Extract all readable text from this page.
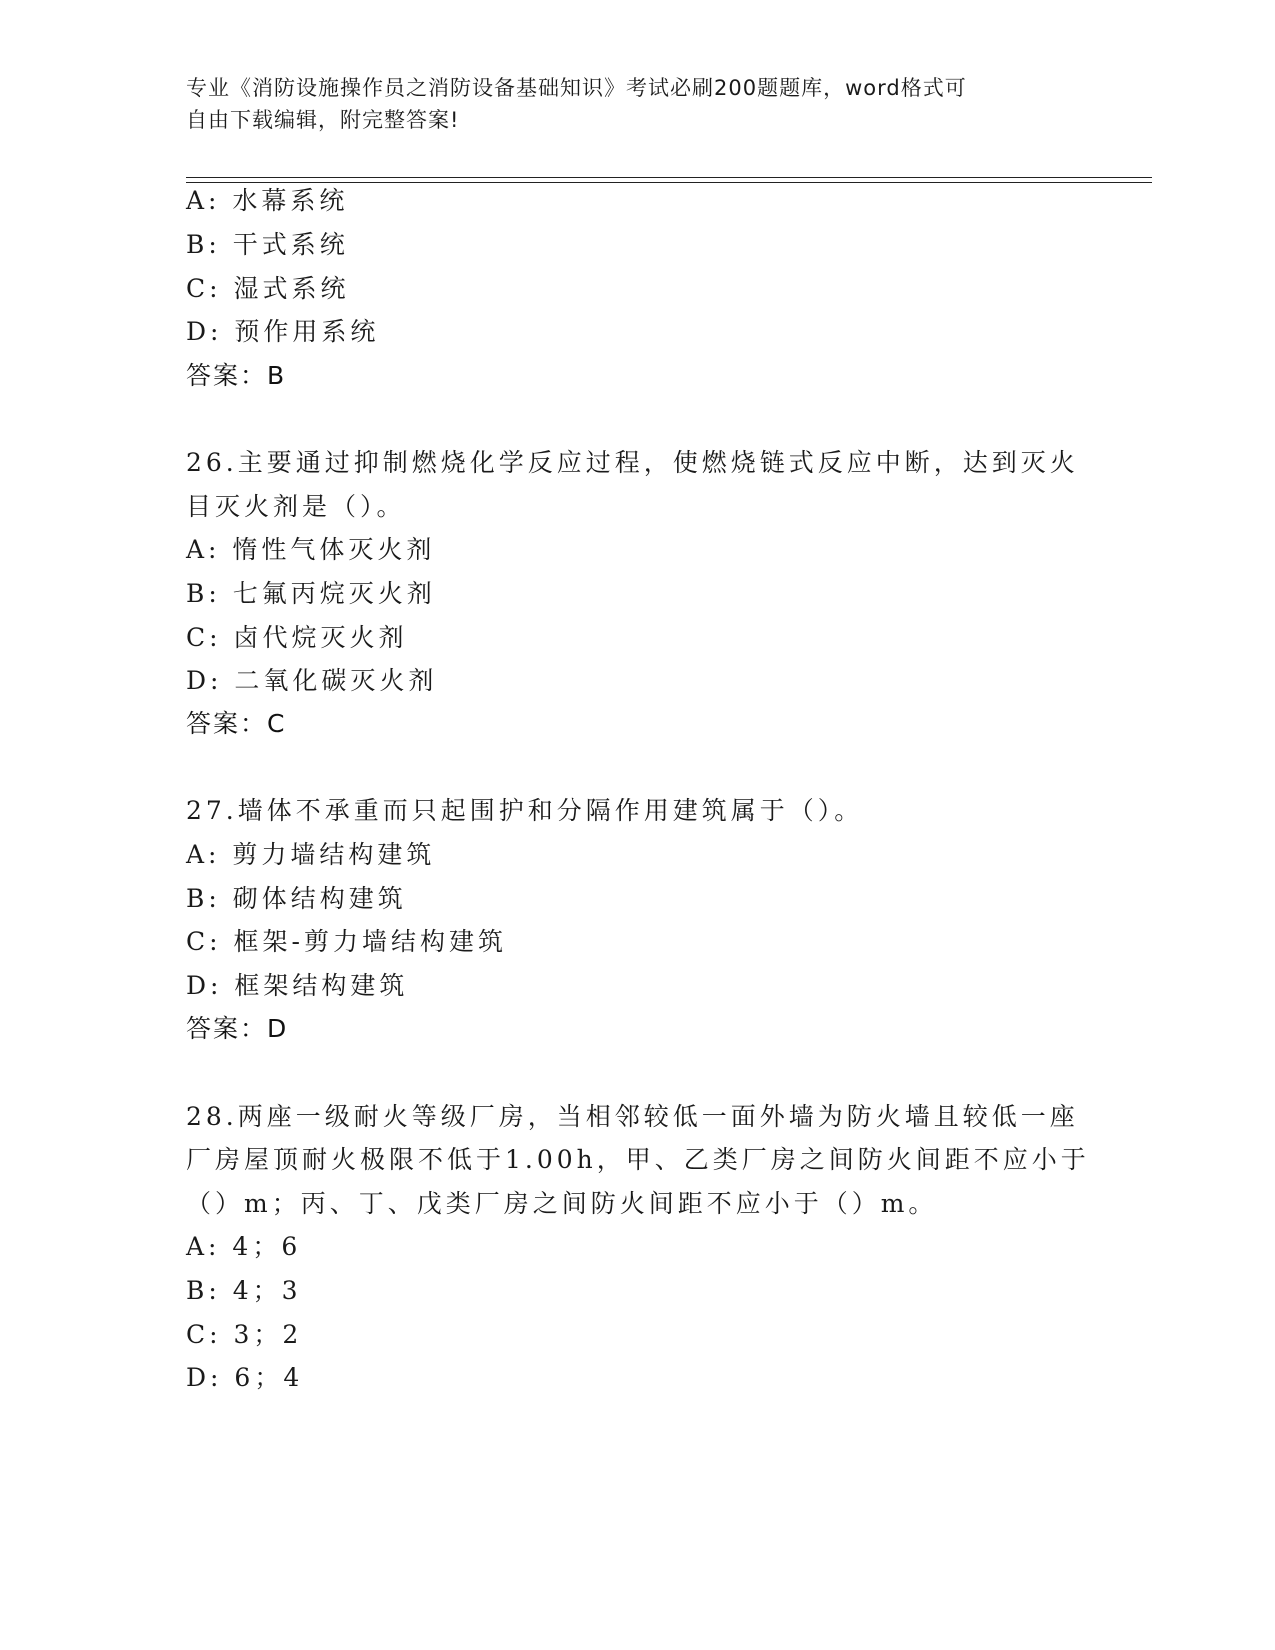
专业《消防设施操作员之消防设备基础知识》考试必刷200题题库，word格式可
自由下载编辑，附完整答案!
A: 水幕系统
B: 干式系统
C: 湿式系统
D: 预作用系统
答案：B
26.主要通过抑制燃烧化学反应过程，使燃烧链式反应中断，达到灭火
目灭火剂是（）。
A: 惰性气体灭火剂
B: 七氟丙烷灭火剂
C: 卤代烷灭火剂
D: 二氧化碳灭火剂
答案：C
27.墙体不承重而只起围护和分隔作用建筑属于（）。
A: 剪力墙结构建筑
B: 砌体结构建筑
C: 框架-剪力墙结构建筑
D: 框架结构建筑
答案：D
28.两座一级耐火等级厂房，当相邻较低一面外墙为防火墙且较低一座
厂房屋顶耐火极限不低于1.00h，甲、乙类厂房之间防火间距不应小于
（）m；丙、丁、戊类厂房之间防火间距不应小于（）m。
A: 4；6
B: 4；3
C: 3；2
D: 6；4
